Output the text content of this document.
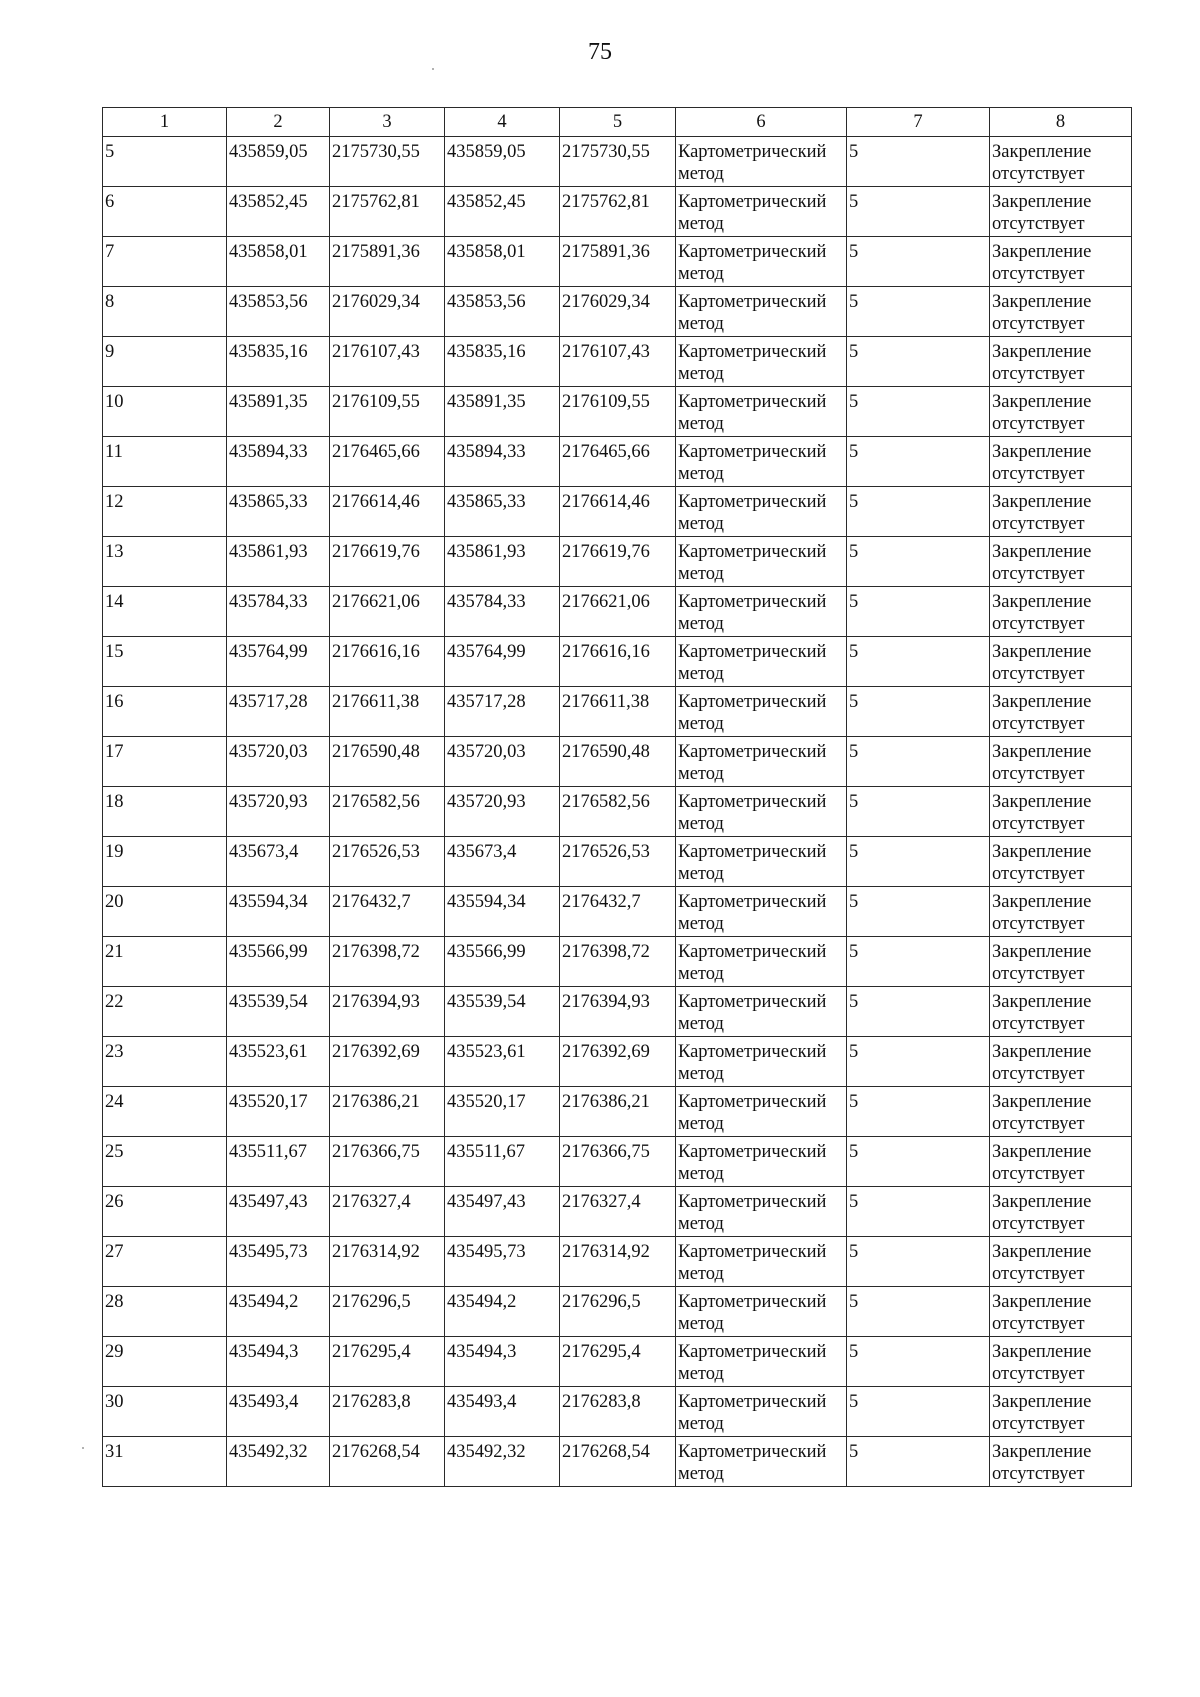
75
1	2	3	4	5	6	7	8
5	435859,05	2175730,55	435859,05	2175730,55	Картометрический метод	5	Закрепление отсутствует
6	435852,45	2175762,81	435852,45	2175762,81	Картометрический метод	5	Закрепление отсутствует
7	435858,01	2175891,36	435858,01	2175891,36	Картометрический метод	5	Закрепление отсутствует
8	435853,56	2176029,34	435853,56	2176029,34	Картометрический метод	5	Закрепление отсутствует
9	435835,16	2176107,43	435835,16	2176107,43	Картометрический метод	5	Закрепление отсутствует
10	435891,35	2176109,55	435891,35	2176109,55	Картометрический метод	5	Закрепление отсутствует
11	435894,33	2176465,66	435894,33	2176465,66	Картометрический метод	5	Закрепление отсутствует
12	435865,33	2176614,46	435865,33	2176614,46	Картометрический метод	5	Закрепление отсутствует
13	435861,93	2176619,76	435861,93	2176619,76	Картометрический метод	5	Закрепление отсутствует
14	435784,33	2176621,06	435784,33	2176621,06	Картометрический метод	5	Закрепление отсутствует
15	435764,99	2176616,16	435764,99	2176616,16	Картометрический метод	5	Закрепление отсутствует
16	435717,28	2176611,38	435717,28	2176611,38	Картометрический метод	5	Закрепление отсутствует
17	435720,03	2176590,48	435720,03	2176590,48	Картометрический метод	5	Закрепление отсутствует
18	435720,93	2176582,56	435720,93	2176582,56	Картометрический метод	5	Закрепление отсутствует
19	435673,4	2176526,53	435673,4	2176526,53	Картометрический метод	5	Закрепление отсутствует
20	435594,34	2176432,7	435594,34	2176432,7	Картометрический метод	5	Закрепление отсутствует
21	435566,99	2176398,72	435566,99	2176398,72	Картометрический метод	5	Закрепление отсутствует
22	435539,54	2176394,93	435539,54	2176394,93	Картометрический метод	5	Закрепление отсутствует
23	435523,61	2176392,69	435523,61	2176392,69	Картометрический метод	5	Закрепление отсутствует
24	435520,17	2176386,21	435520,17	2176386,21	Картометрический метод	5	Закрепление отсутствует
25	435511,67	2176366,75	435511,67	2176366,75	Картометрический метод	5	Закрепление отсутствует
26	435497,43	2176327,4	435497,43	2176327,4	Картометрический метод	5	Закрепление отсутствует
27	435495,73	2176314,92	435495,73	2176314,92	Картометрический метод	5	Закрепление отсутствует
28	435494,2	2176296,5	435494,2	2176296,5	Картометрический метод	5	Закрепление отсутствует
29	435494,3	2176295,4	435494,3	2176295,4	Картометрический метод	5	Закрепление отсутствует
30	435493,4	2176283,8	435493,4	2176283,8	Картометрический метод	5	Закрепление отсутствует
31	435492,32	2176268,54	435492,32	2176268,54	Картометрический метод	5	Закрепление отсутствует
